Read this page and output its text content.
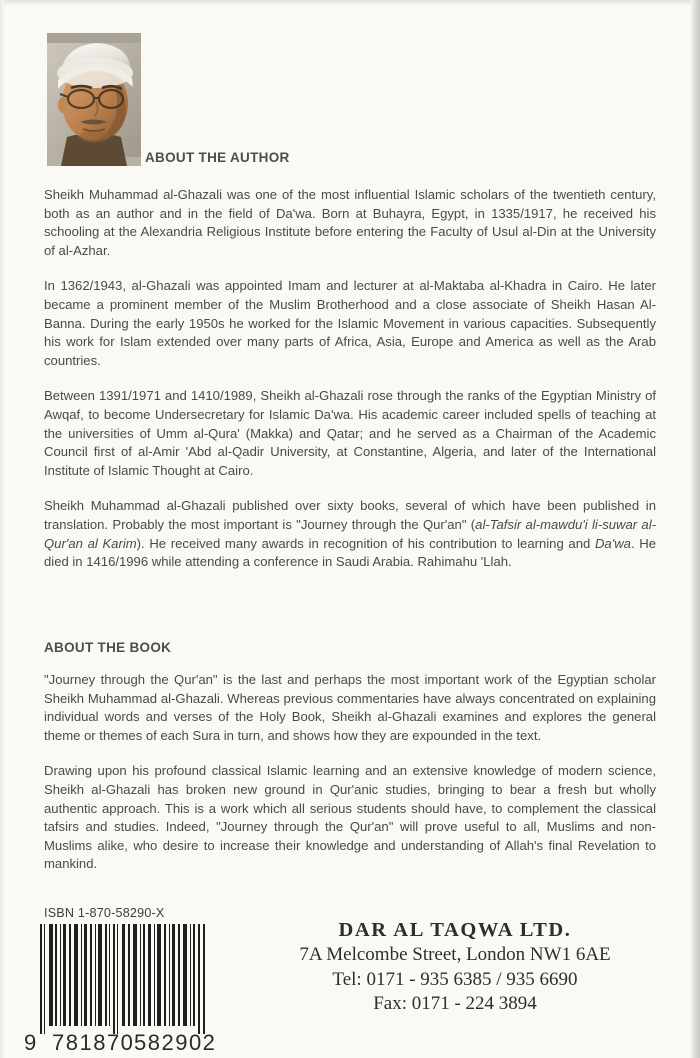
ABOUT THE AUTHOR

Sheikh Muhammad al-Ghazali was one of the most influential Islamic scholars of the twentieth century, both as an author and in the field of Da'wa. Born at Buhayra, Egypt, in 1335/1917, he received his schooling at the Alexandria Religious Institute before entering the Faculty of Usul al-Din at the University of al-Azhar.

In 1362/1943, al-Ghazali was appointed Imam and lecturer at al-Maktaba al-Khadra in Cairo. He later became a prominent member of the Muslim Brotherhood and a close associate of Sheikh Hasan Al-Banna. During the early 1950s he worked for the Islamic Movement in various capacities. Subsequently his work for Islam extended over many parts of Africa, Asia, Europe and America as well as the Arab countries.

Between 1391/1971 and 1410/1989, Sheikh al-Ghazali rose through the ranks of the Egyptian Ministry of Awqaf, to become Undersecretary for Islamic Da'wa. His academic career included spells of teaching at the universities of Umm al-Qura' (Makka) and Qatar; and he served as a Chairman of the Academic Council first of al-Amir 'Abd al-Qadir University, at Constantine, Algeria, and later of the International Institute of Islamic Thought at Cairo.

Sheikh Muhammad al-Ghazali published over sixty books, several of which have been published in translation. Probably the most important is "Journey through the Qur'an" (al-Tafsir al-mawdu'i li-suwar al-Qur'an al Karim). He received many awards in recognition of his contribution to learning and Da'wa. He died in 1416/1996 while attending a conference in Saudi Arabia. Rahimahu 'Llah.

ABOUT THE BOOK

"Journey through the Qur'an" is the last and perhaps the most important work of the Egyptian scholar Sheikh Muhammad al-Ghazali. Whereas previous commentaries have always concentrated on explaining individual words and verses of the Holy Book, Sheikh al-Ghazali examines and explores the general theme or themes of each Sura in turn, and shows how they are expounded in the text.

Drawing upon his profound classical Islamic learning and an extensive knowledge of modern science, Sheikh al-Ghazali has broken new ground in Qur'anic studies, bringing to bear a fresh but wholly authentic approach. This is a work which all serious students should have, to complement the classical tafsirs and studies. Indeed, "Journey through the Qur'an" will prove useful to all, Muslims and non-Muslims alike, who desire to increase their knowledge and understanding of Allah's final Revelation to mankind.

ISBN 1-870-58290-X
9 781870 582902
DAR AL TAQWA LTD.
7A Melcombe Street, London NW1 6AE
Tel: 0171 - 935 6385 / 935 6690
Fax: 0171 - 224 3894
